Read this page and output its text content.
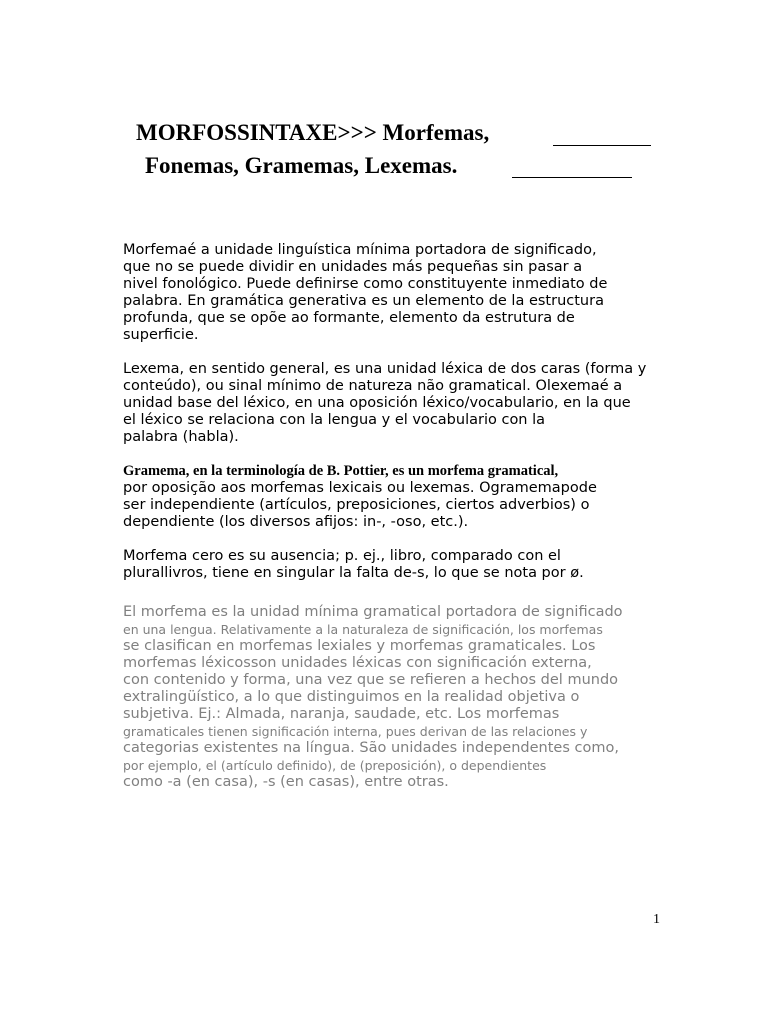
MORFOSSINTAXE>>> Morfemas,
Fonemas, Gramemas, Lexemas.
Morfemaé a unidade linguística mínima portadora de significado,
que no se puede dividir en unidades más pequeñas sin pasar a
nivel fonológico. Puede definirse como constituyente inmediato de
palabra. En gramática generativa es un elemento de la estructura
profunda, que se opõe ao formante, elemento da estrutura de
superficie.
Lexema, en sentido general, es una unidad léxica de dos caras (forma y
conteúdo), ou sinal mínimo de natureza não gramatical. Olexemaé a
unidad base del léxico, en una oposición léxico/vocabulario, en la que
el léxico se relaciona con la lengua y el vocabulario con la
palabra (habla).
Gramema, en la terminología de B. Pottier, es un morfema gramatical,
por oposição aos morfemas lexicais ou lexemas. Ogramemapode
ser independiente (artículos, preposiciones, ciertos adverbios) o
dependiente (los diversos afijos: in-, -oso, etc.).
Morfema cero es su ausencia; p. ej., libro, comparado con el
plurallivros, tiene en singular la falta de-s, lo que se nota por ø.
El morfema es la unidad mínima gramatical portadora de significado
en una lengua. Relativamente a la naturaleza de significación, los morfemas
se clasifican en morfemas lexiales y morfemas gramaticales. Los
morfemas léxicosson unidades léxicas con significación externa,
con contenido y forma, una vez que se refieren a hechos del mundo
extralingüístico, a lo que distinguimos en la realidad objetiva o
subjetiva. Ej.: Almada, naranja, saudade, etc. Los morfemas
gramaticales tienen significación interna, pues derivan de las relaciones y
categorias existentes na língua. São unidades independentes como,
por ejemplo, el (artículo definido), de (preposición), o dependientes
como -a (en casa), -s (en casas), entre otras.
1
